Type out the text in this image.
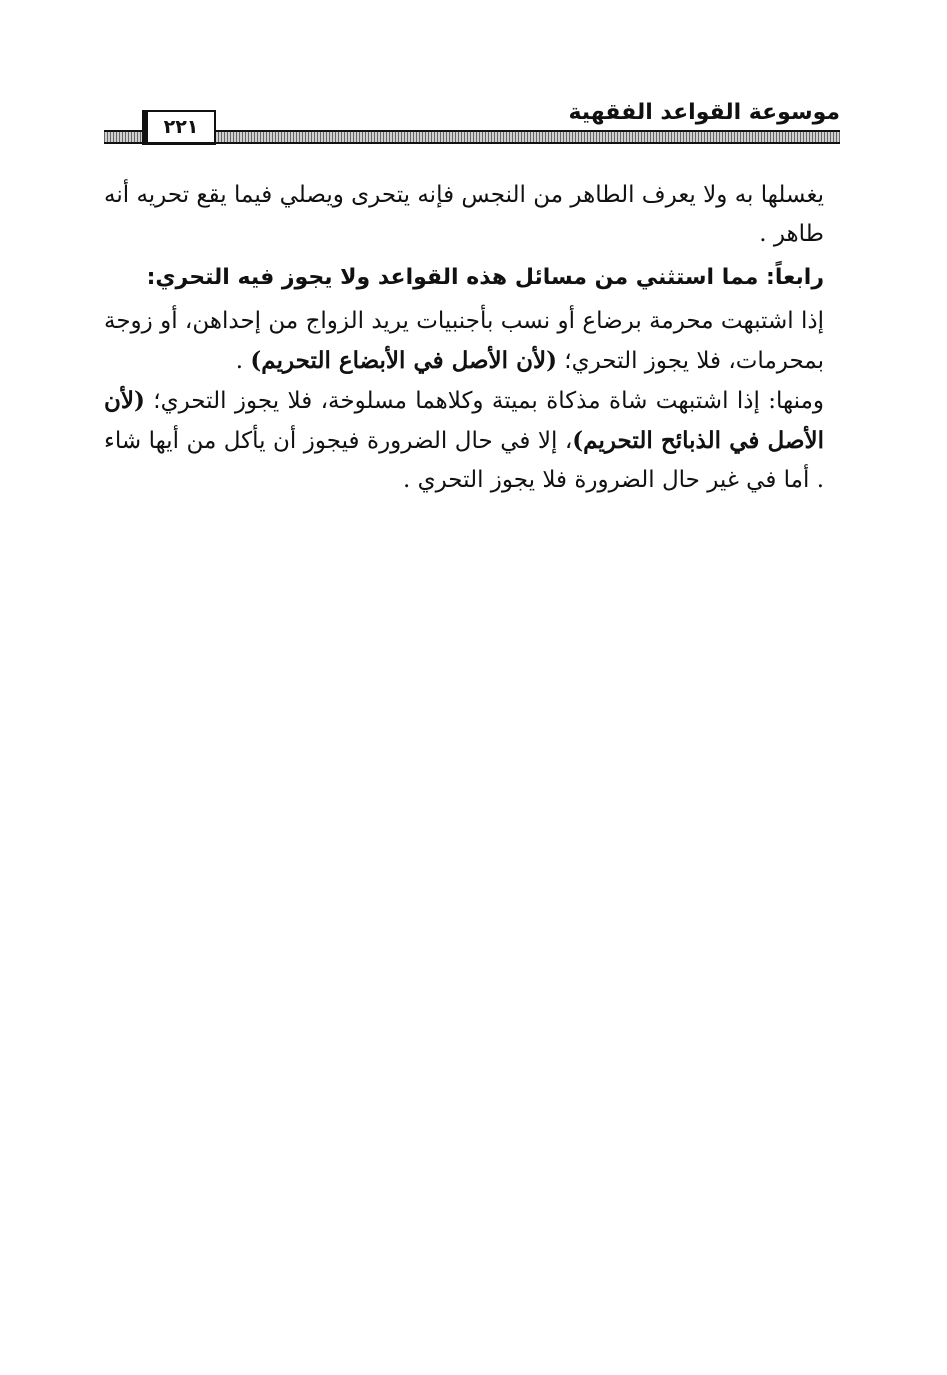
موسوعة القواعد الفقهية
٢٢١

يغسلها به ولا يعرف الطاهر من النجس فإنه يتحرى ويصلي فيما يقع تحريه أنه طاهر .

رابعاً: مما استثني من مسائل هذه القواعد ولا يجوز فيه التحري:

إذا اشتبهت محرمة برضاع أو نسب بأجنبيات يريد الزواج من إحداهن، أو زوجة بمحرمات، فلا يجوز التحري؛ (لأن الأصل في الأبضاع التحريم) .

ومنها: إذا اشتبهت شاة مذكاة بميتة وكلاهما مسلوخة، فلا يجوز التحري؛ (لأن الأصل في الذبائح التحريم)، إلا في حال الضرورة فيجوز أن يأكل من أيها شاء . أما في غير حال الضرورة فلا يجوز التحري .
